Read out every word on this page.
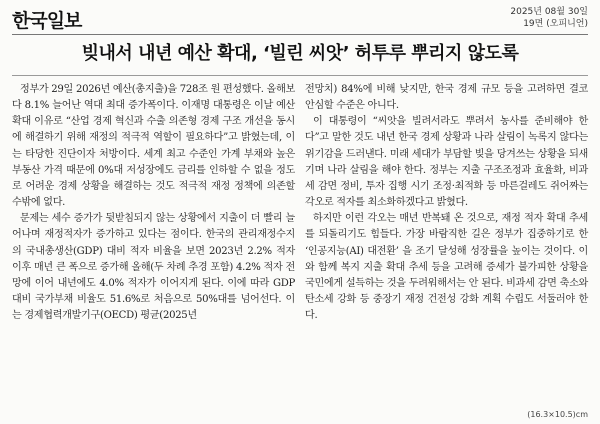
한국일보	2025년 08월 30일
19면 (오피니언)
빚내서 내년 예산 확대, ‘빌린 씨앗’ 허투루 뿌리지 않도록

정부가 29일 2026년 예산(총지출)을 728조 원 편성했다. 올해보다 8.1% 늘어난 역대 최대 증가폭이다. 이재명 대통령은 이날 예산 확대 이유로 “산업 경제 혁신과 수출 의존형 경제 구조 개선을 동시에 해결하기 위해 재정의 적극적 역할이 필요하다”고 밝혔는데, 이는 타당한 진단이자 처방이다. 세계 최고 수준인 가계 부채와 높은 부동산 가격 때문에 0%대 저성장에도 금리를 인하할 수 없을 정도로 어려운 경제 상황을 해결하는 것도 적극적 재정 정책에 의존할 수밖에 없다.

문제는 세수 증가가 뒷받침되지 않는 상황에서 지출이 더 빨리 늘어나며 재정적자가 증가하고 있다는 점이다. 한국의 관리재정수지의 국내총생산(GDP) 대비 적자 비율을 보면 2023년 2.2% 적자 이후 매년 큰 폭으로 증가해 올해(두 차례 추경 포함) 4.2% 적자 전망에 이어 내년에도 4.0% 적자가 이어지게 된다. 이에 따라 GDP 대비 국가부채 비율도 51.6%로 처음으로 50%대를 넘어선다. 이는 경제협력개발기구(OECD) 평균(2025년

전망치) 84%에 비해 낮지만, 한국 경제 규모 등을 고려하면 결코 안심할 수준은 아니다.

이 대통령이 “씨앗을 빌려서라도 뿌려서 농사를 준비해야 한다”고 말한 것도 내년 한국 경제 상황과 나라 살림이 녹록지 않다는 위기감을 드러낸다. 미래 세대가 부담할 빚을 당겨쓰는 상황을 되새기며 나라 살림을 해야 한다. 정부는 지출 구조조정과 효율화, 비과세 감면 정비, 투자 집행 시기 조정·최적화 등 마른걸레도 쥐어짜는 각오로 적자를 최소화하겠다고 밝혔다.

하지만 이런 각오는 매년 반복돼 온 것으로, 재정 적자 확대 추세를 되돌리기도 힘들다. 가장 바람직한 길은 정부가 집중하기로 한 ‘인공지능(AI) 대전환’ 을 조기 달성해 성장률을 높이는 것이다. 이와 함께 복지 지출 확대 추세 등을 고려해 증세가 불가피한 상황을 국민에게 설득하는 것을 두려워해서는 안 된다. 비과세 감면 축소와 탄소세 강화 등 중장기 재정 건전성 강화 계획 수립도 서둘러야 한다.

(16.3×10.5)cm
